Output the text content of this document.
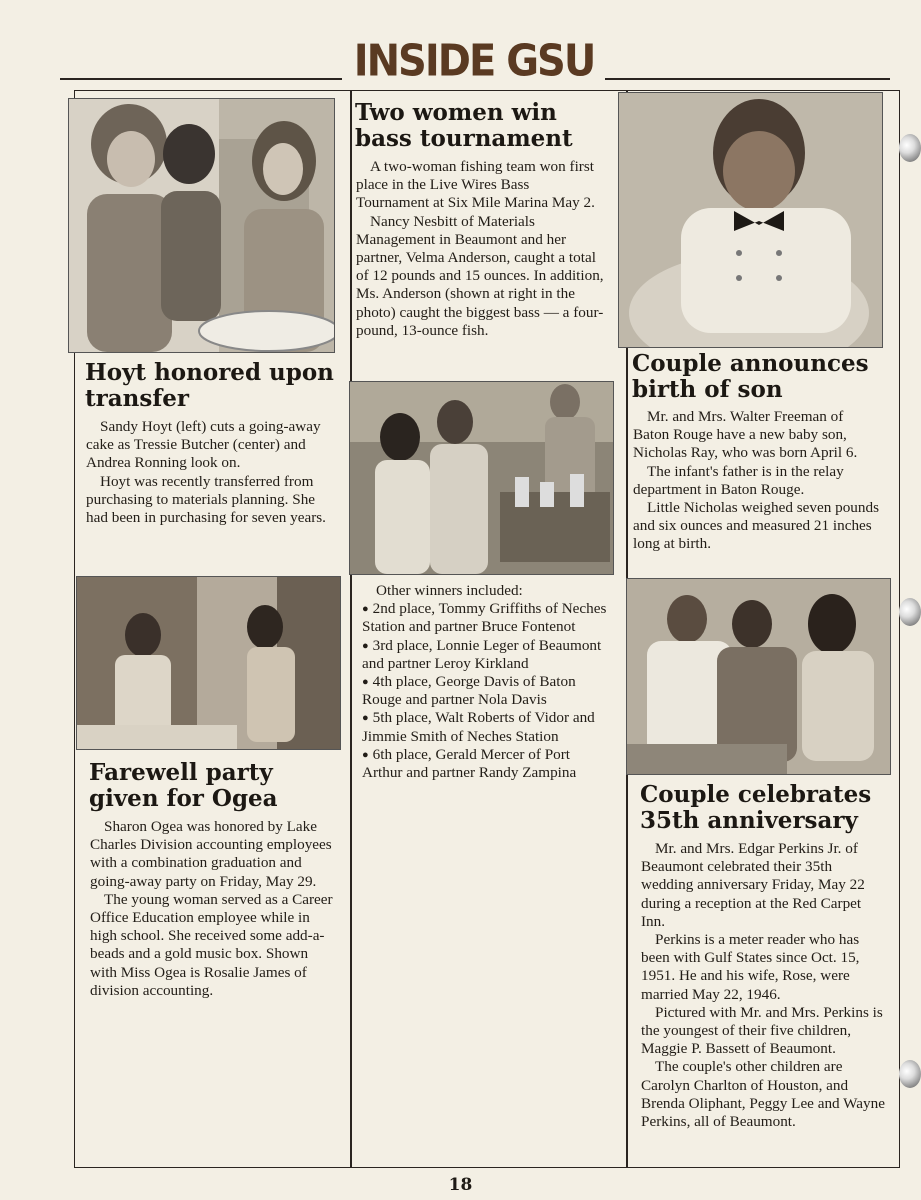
INSIDE GSU
Hoyt honored upon transfer

Sandy Hoyt (left) cuts a going-away cake as Tressie Butcher (center) and Andrea Ronning look on.

Hoyt was recently transferred from purchasing to materials planning. She had been in purchasing for seven years.

Farewell party given for Ogea

Sharon Ogea was honored by Lake Charles Division accounting employees with a combination graduation and going-away party on Friday, May 29.

The young woman served as a Career Office Education employee while in high school. She received some add-a-beads and a gold music box. Shown with Miss Ogea is Rosalie James of division accounting.

Two women win bass tournament

A two-woman fishing team won first place in the Live Wires Bass Tournament at Six Mile Marina May 2.

Nancy Nesbitt of Materials Management in Beaumont and her partner, Velma Anderson, caught a total of 12 pounds and 15 ounces. In addition, Ms. Anderson (shown at right in the photo) caught the biggest bass — a four-pound, 13-ounce fish.

Other winners included:

● 2nd place, Tommy Griffiths of Neches Station and partner Bruce Fontenot
● 3rd place, Lonnie Leger of Beaumont and partner Leroy Kirkland
● 4th place, George Davis of Baton Rouge and partner Nola Davis
● 5th place, Walt Roberts of Vidor and Jimmie Smith of Neches Station
● 6th place, Gerald Mercer of Port Arthur and partner Randy Zampina
Couple announces birth of son

Mr. and Mrs. Walter Freeman of Baton Rouge have a new baby son, Nicholas Ray, who was born April 6.

The infant's father is in the relay department in Baton Rouge.

Little Nicholas weighed seven pounds and six ounces and measured 21 inches long at birth.

Couple celebrates 35th anniversary

Mr. and Mrs. Edgar Perkins Jr. of Beaumont celebrated their 35th wedding anniversary Friday, May 22 during a reception at the Red Carpet Inn.

Perkins is a meter reader who has been with Gulf States since Oct. 15, 1951. He and his wife, Rose, were married May 22, 1946.

Pictured with Mr. and Mrs. Perkins is the youngest of their five children, Maggie P. Bassett of Beaumont.

The couple's other children are Carolyn Charlton of Houston, and Brenda Oliphant, Peggy Lee and Wayne Perkins, all of Beaumont.

18
